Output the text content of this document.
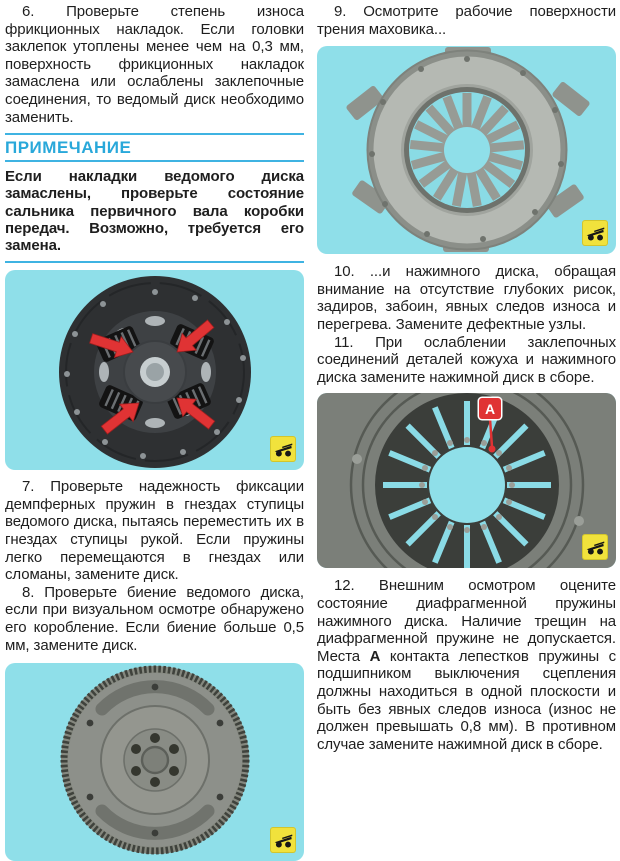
6. Проверьте степень износа фрикционных накладок. Если головки заклепок утоплены менее чем на 0,3 мм, поверхность фрикционных накладок замаслена или ослаблены заклепочные соединения, то ведомый диск необходимо заменить.

ПРИМЕЧАНИЕ
Если накладки ведомого диска замаслены, проверьте состояние сальника первичного вала коробки передач. Возможно, требуется его замена.

7. Проверьте надежность фиксации демпферных пружин в гнездах ступицы ведомого диска, пытаясь переместить их в гнездах ступицы рукой. Если пружины легко перемещаются в гнездах или сломаны, замените диск.

8. Проверьте биение ведомого диска, если при визуальном осмотре обнаружено его коробление. Если биение больше 0,5 мм, замените диск.

9. Осмотрите рабочие поверхности трения маховика...

10. ...и нажимного диска, обращая внимание на отсутствие глубоких рисок, задиров, забоин, явных следов износа и перегрева. Замените дефектные узлы.

11. При ослаблении заклепочных соединений деталей кожуха и нажимного диска замените нажимной диск в сборе.

А

12. Внешним осмотром оцените состояние диафрагменной пружины нажимного диска. Наличие трещин на диафрагменной пружине не допускается. Места А контакта лепестков пружины с подшипником выключения сцепления должны находиться в одной плоскости и быть без явных следов износа (износ не должен превышать 0,8 мм). В противном случае замените нажимной диск в сборе.
